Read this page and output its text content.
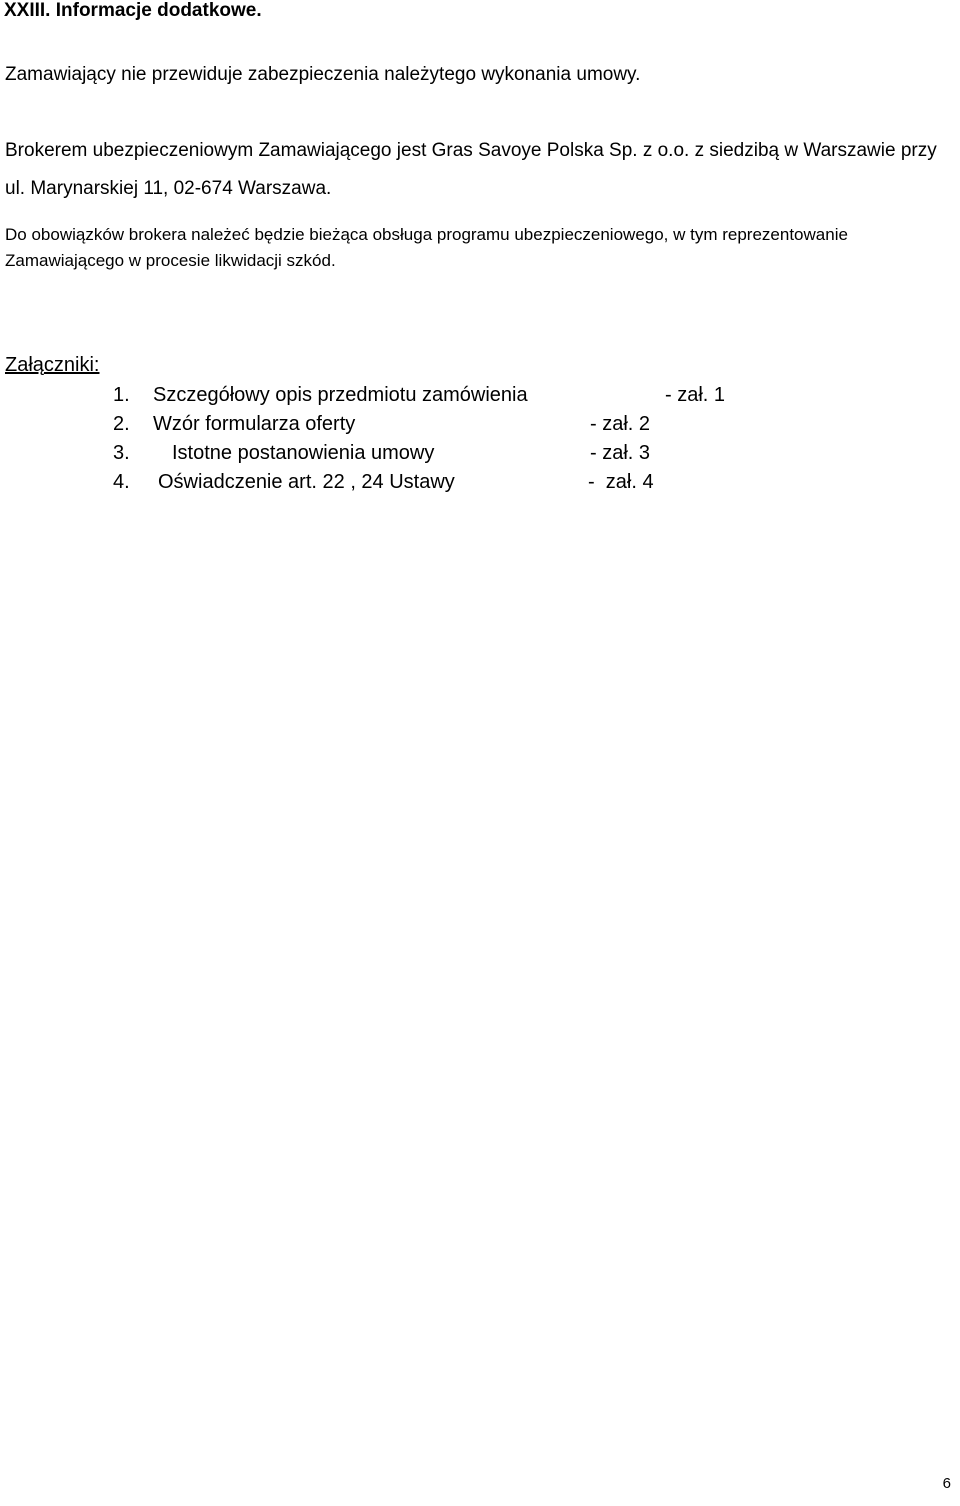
XXIII. Informacje dodatkowe.
Zamawiający nie przewiduje zabezpieczenia należytego wykonania umowy.
Brokerem ubezpieczeniowym Zamawiającego jest Gras Savoye Polska Sp. z o.o. z siedzibą w Warszawie przy ul. Marynarskiej 11, 02-674 Warszawa.
Do obowiązków brokera należeć będzie bieżąca obsługa programu ubezpieczeniowego, w tym reprezentowanie Zamawiającego w procesie likwidacji szkód.
Załączniki:
1. Szczegółowy opis przedmiotu zamówienia	- zał. 1
2. Wzór formularza oferty	- zał. 2
3. Istotne postanowienia umowy	- zał. 3
4. Oświadczenie art. 22 , 24 Ustawy	-  zał. 4
6
